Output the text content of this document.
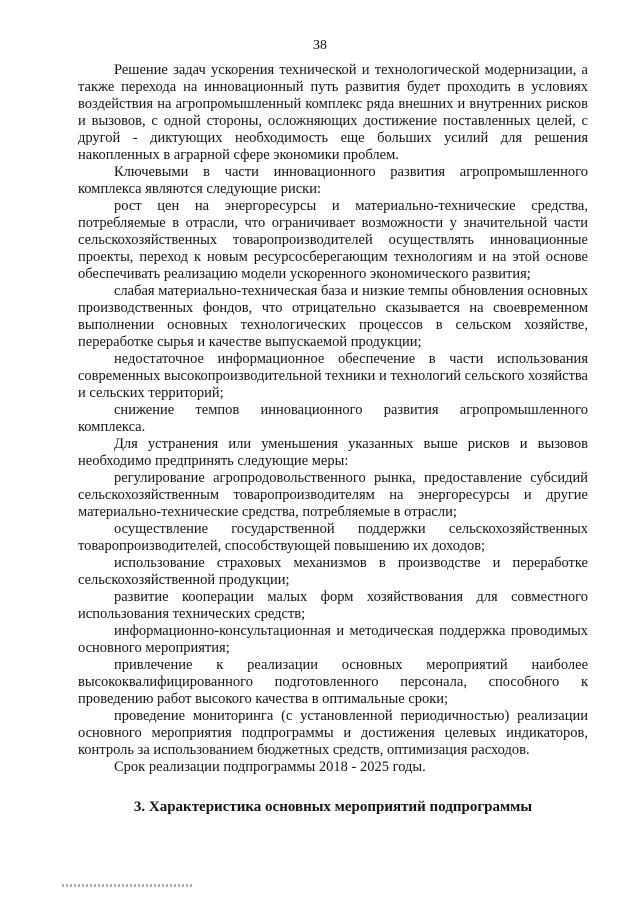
38

Решение задач ускорения технической и технологической модернизации, а также перехода на инновационный путь развития будет проходить в условиях воздействия на агропромышленный комплекс ряда внешних и внутренних рисков и вызовов, с одной стороны, осложняющих достижение поставленных целей, с другой - диктующих необходимость еще больших усилий для решения накопленных в аграрной сфере экономики проблем.

Ключевыми в части инновационного развития агропромышленного комплекса являются следующие риски:

рост цен на энергоресурсы и материально-технические средства, потребляемые в отрасли, что ограничивает возможности у значительной части сельскохозяйственных товаропроизводителей осуществлять инновационные проекты, переход к новым ресурсосберегающим технологиям и на этой основе обеспечивать реализацию модели ускоренного экономического развития;

слабая материально-техническая база и низкие темпы обновления основных производственных фондов, что отрицательно сказывается на своевременном выполнении основных технологических процессов в сельском хозяйстве, переработке сырья и качестве выпускаемой продукции;

недостаточное информационное обеспечение в части использования современных высокопроизводительной техники и технологий сельского хозяйства и сельских территорий;

снижение темпов инновационного развития агропромышленного комплекса.

Для устранения или уменьшения указанных выше рисков и вызовов необходимо предпринять следующие меры:

регулирование агропродовольственного рынка, предоставление субсидий сельскохозяйственным товаропроизводителям на энергоресурсы и другие материально-технические средства, потребляемые в отрасли;

осуществление государственной поддержки сельскохозяйственных товаропроизводителей, способствующей повышению их доходов;

использование страховых механизмов в производстве и переработке сельскохозяйственной продукции;

развитие кооперации малых форм хозяйствования для совместного использования технических средств;

информационно-консультационная и методическая поддержка проводимых основного мероприятия;

привлечение к реализации основных мероприятий наиболее высококвалифицированного подготовленного персонала, способного к проведению работ высокого качества в оптимальные сроки;

проведение мониторинга (с установленной периодичностью) реализации основного мероприятия подпрограммы и достижения целевых индикаторов, контроль за использованием бюджетных средств, оптимизация расходов.

Срок реализации подпрограммы 2018 - 2025 годы.

3. Характеристика основных мероприятий подпрограммы
